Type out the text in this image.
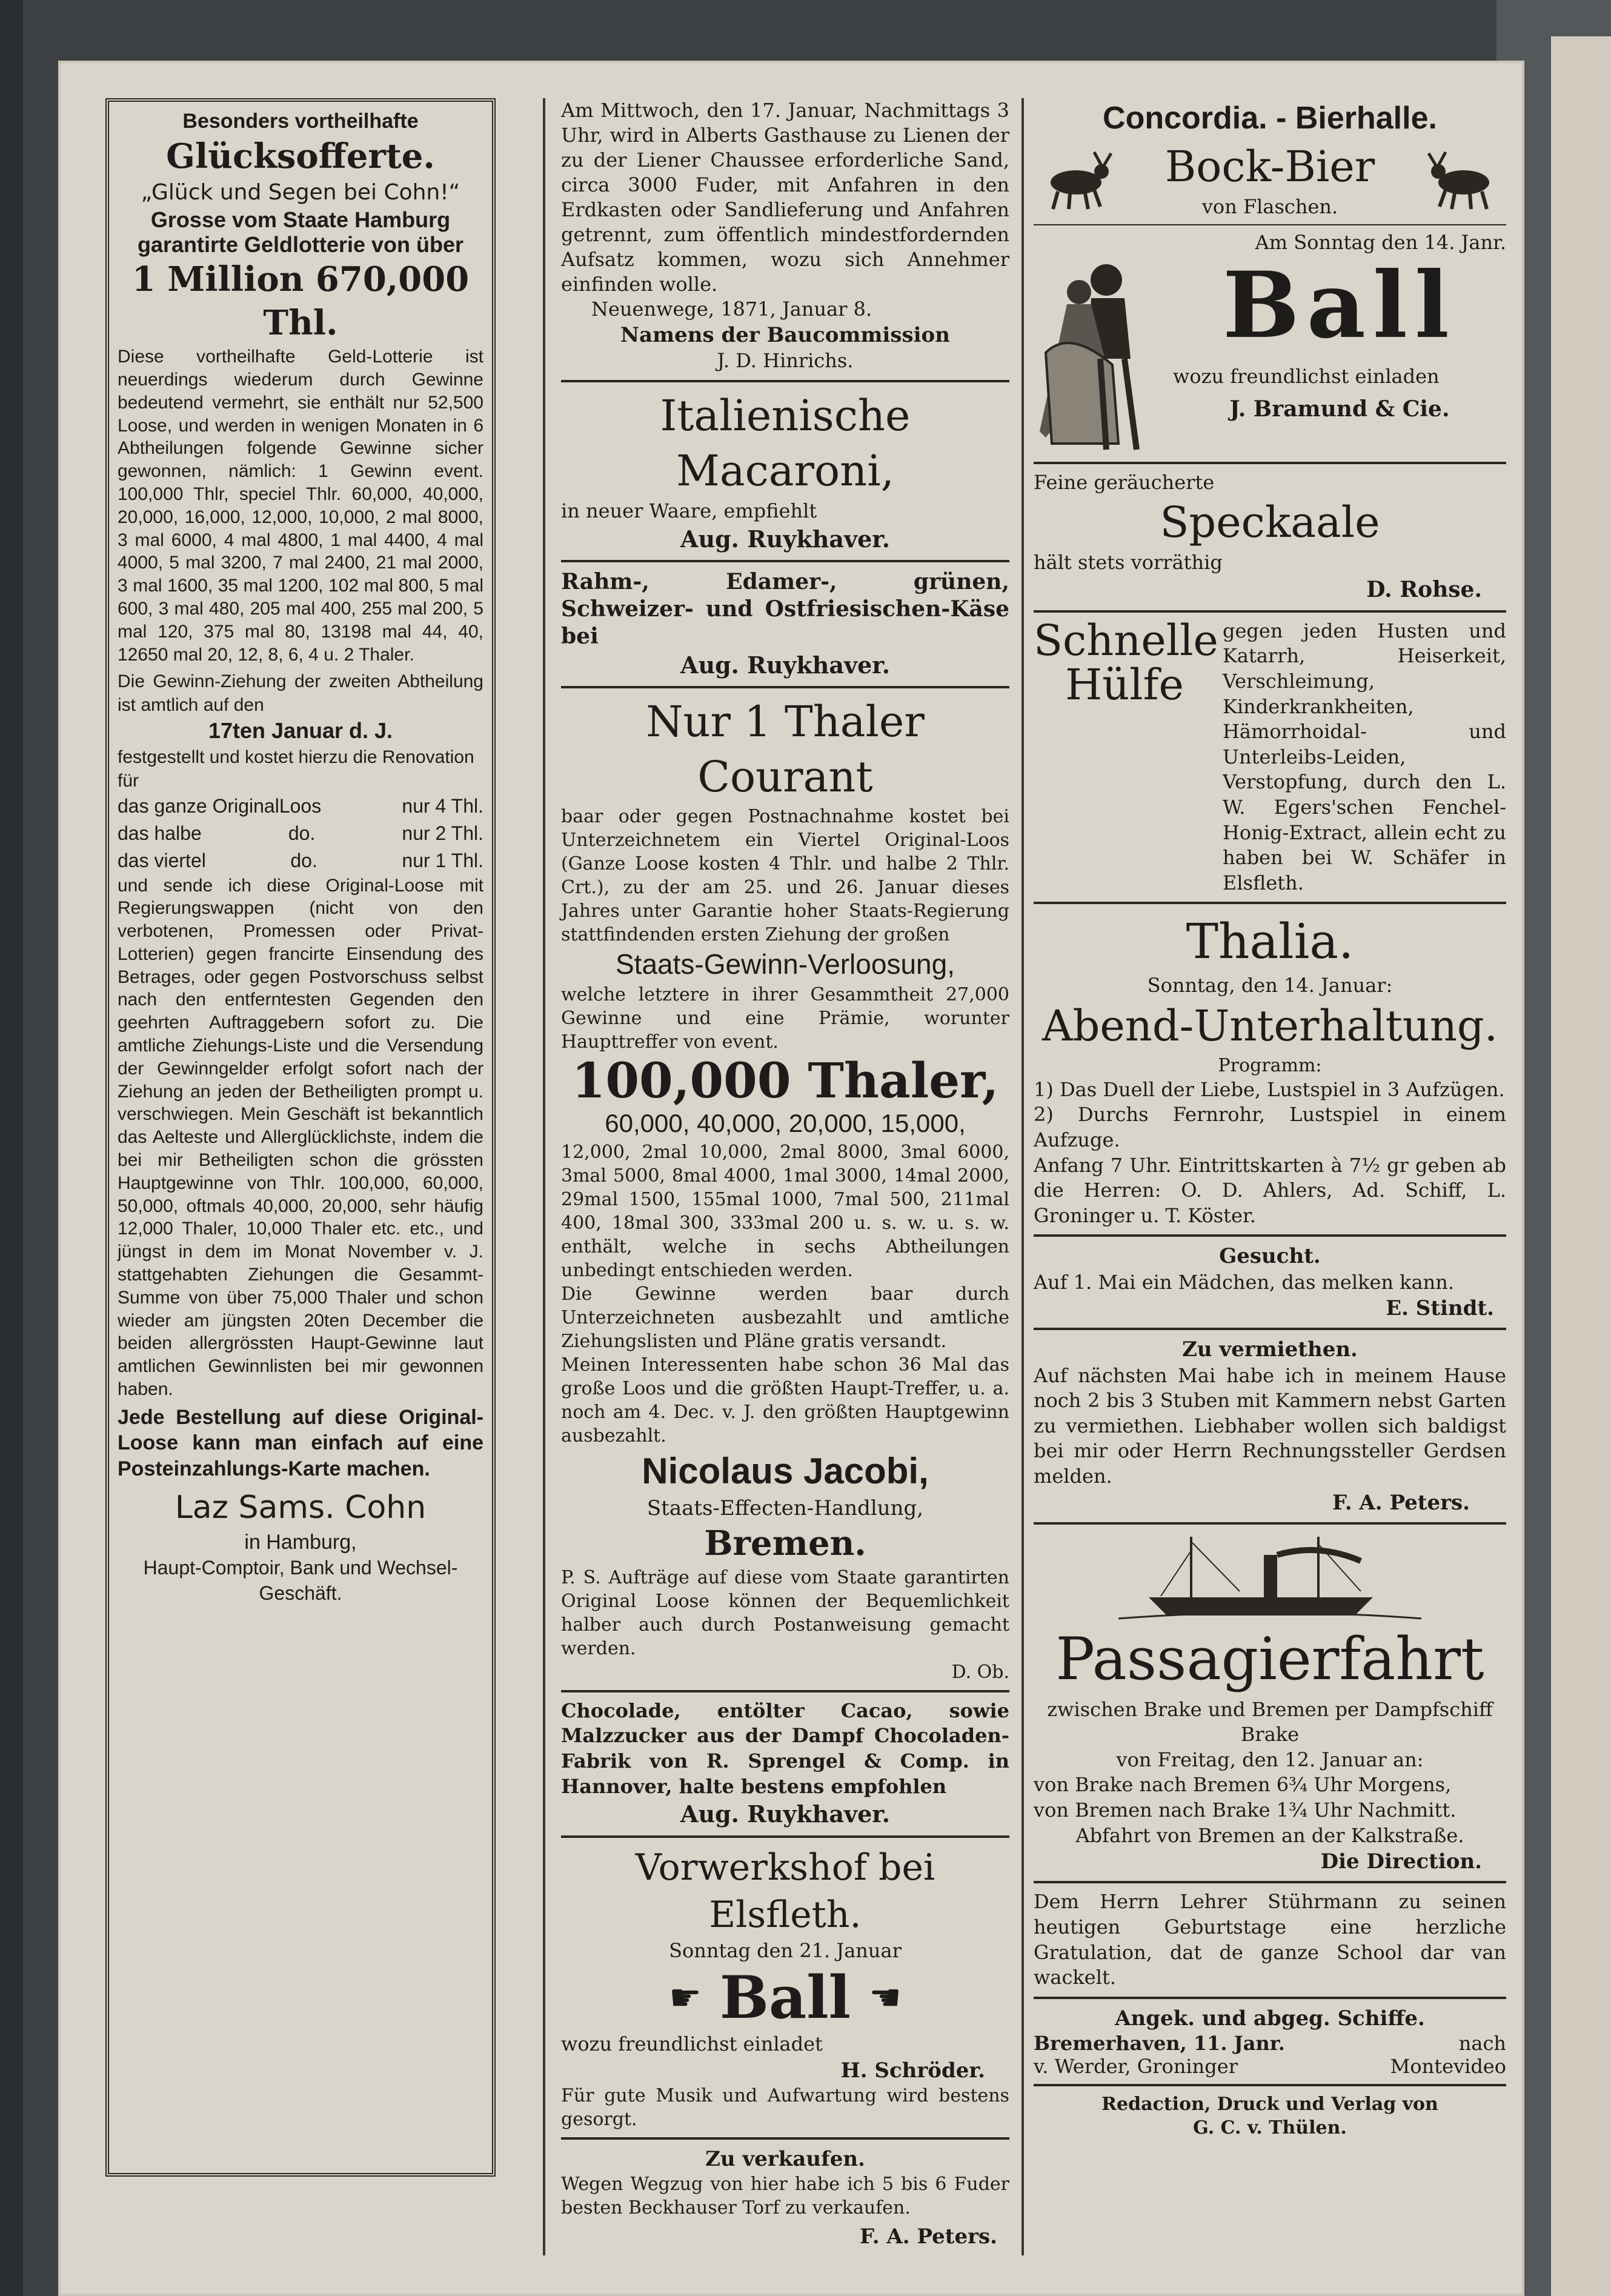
Besonders vortheilhafte

Glücksofferte.

„Glück und Segen bei Cohn!“

Grosse vom Staate Hamburg garantirte Geldlotterie von über

1 Million 670,000 Thl.

Diese vortheilhafte Geld-Lotterie ist neuerdings wiederum durch Gewinne bedeutend vermehrt, sie enthält nur 52,500 Loose, und werden in wenigen Monaten in 6 Abtheilungen folgende Gewinne sicher gewonnen, nämlich: 1 Gewinn event. 100,000 Thlr, speciel Thlr. 60,000, 40,000, 20,000, 16,000, 12,000, 10,000, 2 mal 8000, 3 mal 6000, 4 mal 4800, 1 mal 4400, 4 mal 4000, 5 mal 3200, 7 mal 2400, 21 mal 2000, 3 mal 1600, 35 mal 1200, 102 mal 800, 5 mal 600, 3 mal 480, 205 mal 400, 255 mal 200, 5 mal 120, 375 mal 80, 13198 mal 44, 40, 12650 mal 20, 12, 8, 6, 4 u. 2 Thaler.

Die Gewinn-Ziehung der zweiten Abtheilung ist amtlich auf den

17ten Januar d. J.

festgestellt und kostet hierzu die Renovation für

das ganze OriginalLoos	nur 4 Thl.
das halbe	do.	nur 2 Thl.
das viertel	do.	nur 1 Thl.

und sende ich diese Original-Loose mit Regierungswappen (nicht von den verbotenen, Promessen oder Privat-Lotterien) gegen francirte Einsendung des Betrages, oder gegen Postvorschuss selbst nach den entferntesten Gegenden den geehrten Auftraggebern sofort zu. Die amtliche Ziehungs-Liste und die Versendung der Gewinngelder erfolgt sofort nach der Ziehung an jeden der Betheiligten prompt u. verschwiegen. Mein Geschäft ist bekanntlich das Aelteste und Allerglücklichste, indem die bei mir Betheiligten schon die grössten Hauptgewinne von Thlr. 100,000, 60,000, 50,000, oftmals 40,000, 20,000, sehr häufig 12,000 Thaler, 10,000 Thaler etc. etc., und jüngst in dem im Monat November v. J. stattgehabten Ziehungen die Gesammt-Summe von über 75,000 Thaler und schon wieder am jüngsten 20ten December die beiden allergrössten Haupt-Gewinne laut amtlichen Gewinnlisten bei mir gewonnen haben.

Jede Bestellung auf diese Original-Loose kann man einfach auf eine Posteinzahlungs-Karte machen.

Laz Sams. Cohn

in Hamburg,

Haupt-Comptoir, Bank und Wechsel-Geschäft.

Am Mittwoch, den 17. Januar, Nachmittags 3 Uhr, wird in Alberts Gasthause zu Lienen der zu der Liener Chaussee erforderliche Sand, circa 3000 Fuder, mit Anfahren in den Erdkasten oder Sandlieferung und Anfahren getrennt, zum öffentlich mindestfordernden Aufsatz kommen, wozu sich Annehmer einfinden wolle.

Neuenwege, 1871, Januar 8.

Namens der Baucommission

J. D. Hinrichs.

Italienische Macaroni,

in neuer Waare, empfiehlt

Aug. Ruykhaver.

Rahm-, Edamer-, grünen, Schweizer- und Ostfriesischen-Käse bei

Aug. Ruykhaver.

Nur 1 Thaler Courant

baar oder gegen Postnachnahme kostet bei Unterzeichnetem ein Viertel Original-Loos (Ganze Loose kosten 4 Thlr. und halbe 2 Thlr. Crt.), zu der am 25. und 26. Januar dieses Jahres unter Garantie hoher Staats-Regierung stattfindenden ersten Ziehung der großen

Staats-Gewinn-Verloosung,

welche letztere in ihrer Gesammtheit 27,000 Gewinne und eine Prämie, worunter Haupttreffer von event.

100,000 Thaler,

60,000, 40,000, 20,000, 15,000,

12,000, 2mal 10,000, 2mal 8000, 3mal 6000, 3mal 5000, 8mal 4000, 1mal 3000, 14mal 2000, 29mal 1500, 155mal 1000, 7mal 500, 211mal 400, 18mal 300, 333mal 200 u. s. w. u. s. w. enthält, welche in sechs Abtheilungen unbedingt entschieden werden.

Die Gewinne werden baar durch Unterzeichneten ausbezahlt und amtliche Ziehungslisten und Pläne gratis versandt.

Meinen Interessenten habe schon 36 Mal das große Loos und die größten Haupt-Treffer, u. a. noch am 4. Dec. v. J. den größten Hauptgewinn ausbezahlt.

Nicolaus Jacobi,

Staats-Effecten-Handlung,

Bremen.

P. S. Aufträge auf diese vom Staate garantirten Original Loose können der Bequemlichkeit halber auch durch Postanweisung gemacht werden.

D. Ob.

Chocolade, entölter Cacao, sowie Malzzucker aus der Dampf Chocoladen-Fabrik von R. Sprengel & Comp. in Hannover, halte bestens empfohlen

Aug. Ruykhaver.

Vorwerkshof bei Elsfleth.

Sonntag den 21. Januar

☛ Ball ☚

wozu freundlichst einladet

H. Schröder.

Für gute Musik und Aufwartung wird bestens gesorgt.

Zu verkaufen.

Wegen Wegzug von hier habe ich 5 bis 6 Fuder besten Beckhauser Torf zu verkaufen.

F. A. Peters.

Concordia. - Bierhalle.

Bock-Bier

von Flaschen.

Am Sonntag den 14. Janr.

Ball

wozu freundlichst einladen

J. Bramund & Cie.

Feine geräucherte

Speckaale

hält stets vorräthig

D. Rohse.

Schnelle Hülfe

gegen jeden Husten und Katarrh, Heiserkeit, Verschleimung, Kinderkrankheiten, Hämorrhoidal- und Unterleibs-Leiden, Verstopfung, durch den L. W. Egers'schen Fenchel-Honig-Extract, allein echt zu haben bei W. Schäfer in Elsfleth.

Thalia.

Sonntag, den 14. Januar:

Abend-Unterhaltung.

Programm:

1) Das Duell der Liebe, Lustspiel in 3 Aufzügen.

2) Durchs Fernrohr, Lustspiel in einem Aufzuge.

Anfang 7 Uhr. Eintrittskarten à 7½ gr geben ab die Herren: O. D. Ahlers, Ad. Schiff, L. Groninger u. T. Köster.

Gesucht.

Auf 1. Mai ein Mädchen, das melken kann.

E. Stindt.

Zu vermiethen.

Auf nächsten Mai habe ich in meinem Hause noch 2 bis 3 Stuben mit Kammern nebst Garten zu vermiethen. Liebhaber wollen sich baldigst bei mir oder Herrn Rechnungssteller Gerdsen melden.

F. A. Peters.

Passagierfahrt

zwischen Brake und Bremen per Dampfschiff Brake

von Freitag, den 12. Januar an:

von Brake nach Bremen 6¾ Uhr Morgens,

von Bremen nach Brake 1¾ Uhr Nachmitt.

Abfahrt von Bremen an der Kalkstraße.

Die Direction.

Dem Herrn Lehrer Stührmann zu seinen heutigen Geburtstage eine herzliche Gratulation, dat de ganze School dar van wackelt.

Angek. und abgeg. Schiffe.

Bremerhaven, 11. Janr.	nach
v. Werder, Groninger	Montevideo

Redaction, Druck und Verlag von

G. C. v. Thülen.
